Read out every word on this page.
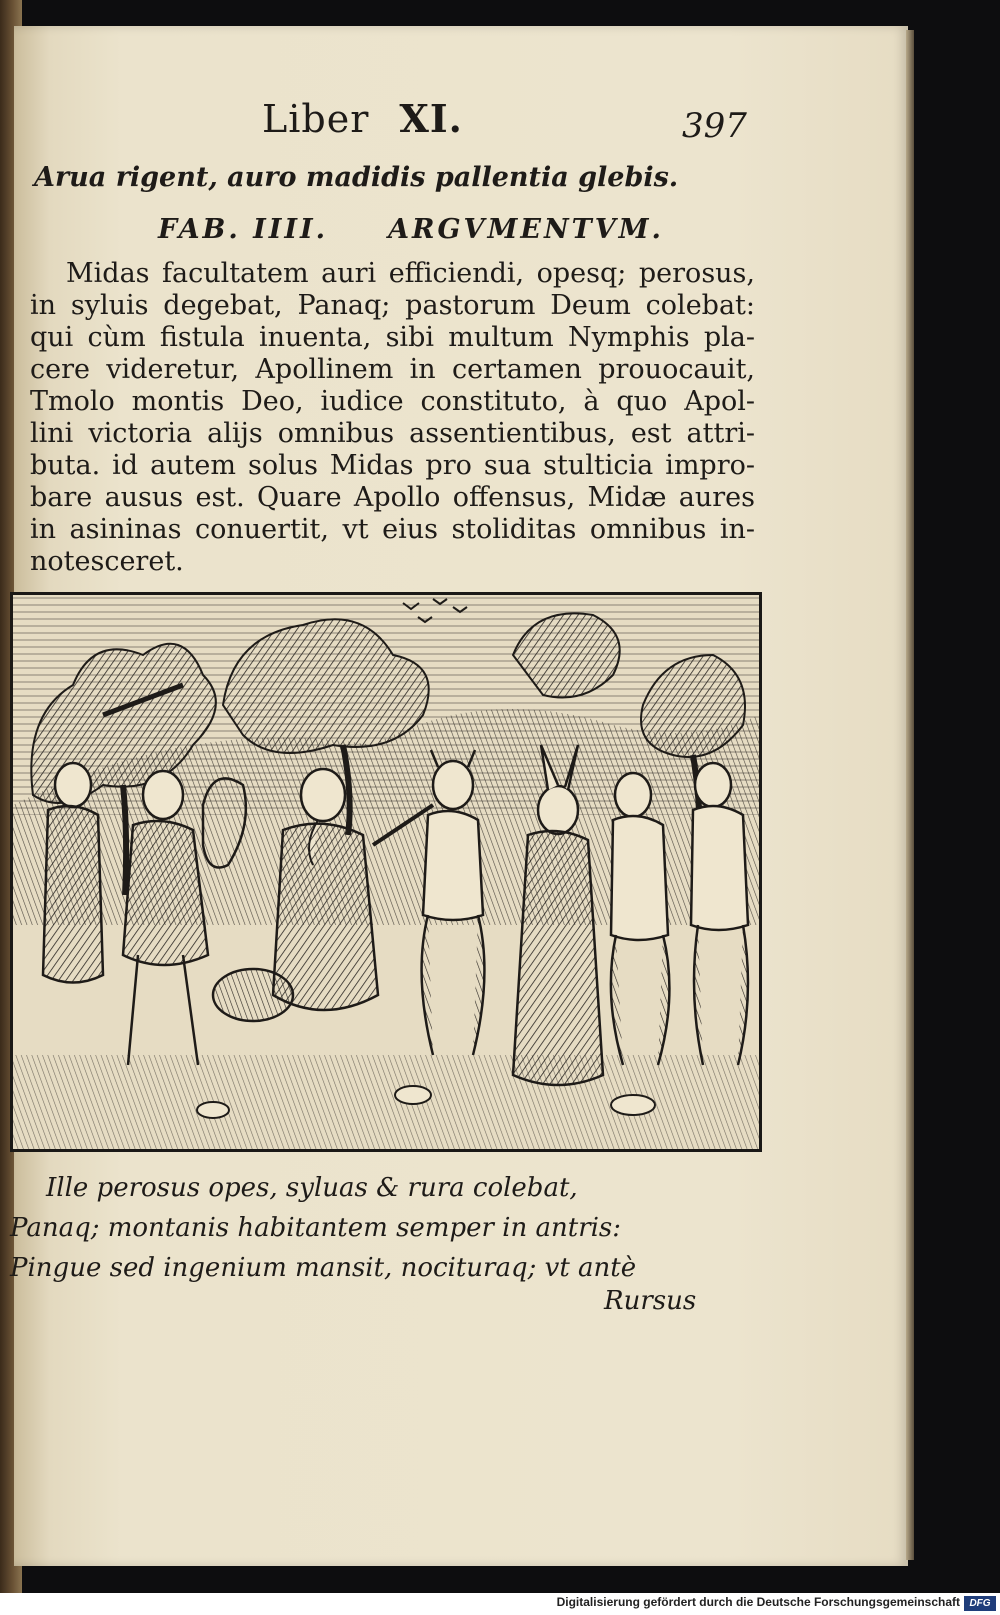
Liber XI.	397
Arua rigent, auro madidis pallentia glebis.
FAB. IIII. ARGVMENTVM.
Midas facultatem auri efficiendi, opesq; perosus,
in syluis degebat, Panaq; pastorum Deum colebat:
qui cùm fistula inuenta, sibi multum Nymphis pla-
cere videretur, Apollinem in certamen prouocauit,
Tmolo montis Deo, iudice constituto, à quo Apol-
lini victoria alijs omnibus assentientibus, est attri-
buta. id autem solus Midas pro sua stulticia impro-
bare ausus est. Quare Apollo offensus, Midæ aures
in asininas conuertit, vt eius stoliditas omnibus in-
notesceret.
Ille perosus opes, syluas & rura colebat,
Panaq; montanis habitantem semper in antris:
Pingue sed ingenium mansit, nocituraq; vt antè
Rursus
Digitalisierung gefördert durch die Deutsche Forschungsgemeinschaft DFG
